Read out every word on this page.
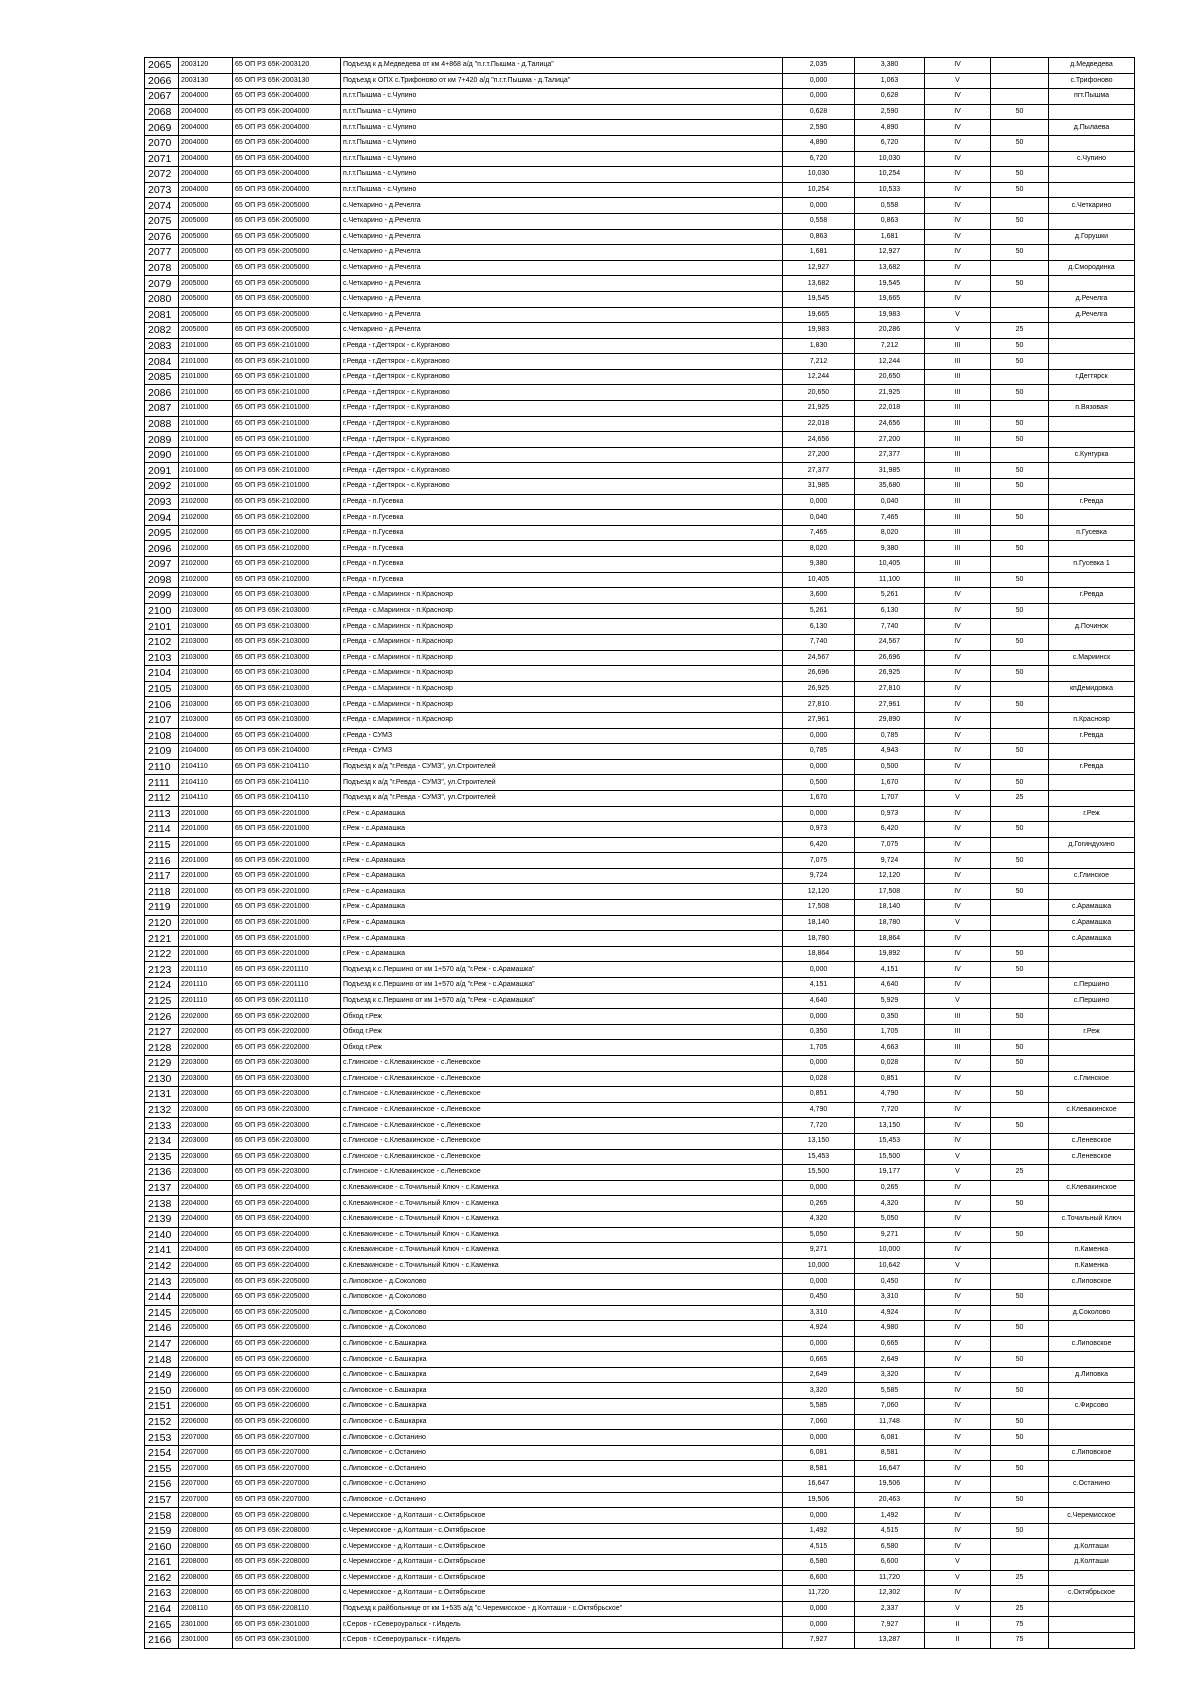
2065	2003120	65 ОП РЗ 65К-2003120	Подъезд к д.Медведева от км 4+868 а/д "п.г.т.Пышма - д.Талица"	2,035	3,380	IV		д.Медведева
2066	2003130	65 ОП РЗ 65К-2003130	Подъезд к ОПХ с.Трифоново от км 7+420 а/д "п.г.т.Пышма - д.Талица"	0,000	1,063	V		с.Трифоново
2067	2004000	65 ОП РЗ 65К-2004000	п.г.т.Пышма - с.Чупино	0,000	0,628	IV		пгт.Пышма
2068	2004000	65 ОП РЗ 65К-2004000	п.г.т.Пышма - с.Чупино	0,628	2,590	IV	50	
2069	2004000	65 ОП РЗ 65К-2004000	п.г.т.Пышма - с.Чупино	2,590	4,890	IV		д.Пылаева
2070	2004000	65 ОП РЗ 65К-2004000	п.г.т.Пышма - с.Чупино	4,890	6,720	IV	50	
2071	2004000	65 ОП РЗ 65К-2004000	п.г.т.Пышма - с.Чупино	6,720	10,030	IV		с.Чупино
2072	2004000	65 ОП РЗ 65К-2004000	п.г.т.Пышма - с.Чупино	10,030	10,254	IV	50	
2073	2004000	65 ОП РЗ 65К-2004000	п.г.т.Пышма - с.Чупино	10,254	10,533	IV	50	
2074	2005000	65 ОП РЗ 65К-2005000	с.Четкарино - д.Речелга	0,000	0,558	IV		с.Четкарино
2075	2005000	65 ОП РЗ 65К-2005000	с.Четкарино - д.Речелга	0,558	0,863	IV	50	
2076	2005000	65 ОП РЗ 65К-2005000	с.Четкарино - д.Речелга	0,863	1,681	IV		д.Горушки
2077	2005000	65 ОП РЗ 65К-2005000	с.Четкарино - д.Речелга	1,681	12,927	IV	50	
2078	2005000	65 ОП РЗ 65К-2005000	с.Четкарино - д.Речелга	12,927	13,682	IV		д.Смородинка
2079	2005000	65 ОП РЗ 65К-2005000	с.Четкарино - д.Речелга	13,682	19,545	IV	50	
2080	2005000	65 ОП РЗ 65К-2005000	с.Четкарино - д.Речелга	19,545	19,665	IV		д.Речелга
2081	2005000	65 ОП РЗ 65К-2005000	с.Четкарино - д.Речелга	19,665	19,983	V		д.Речелга
2082	2005000	65 ОП РЗ 65К-2005000	с.Четкарино - д.Речелга	19,983	20,286	V	25	
2083	2101000	65 ОП РЗ 65К-2101000	г.Ревда - г.Дегтярск - с.Курганово	1,830	7,212	III	50	
2084	2101000	65 ОП РЗ 65К-2101000	г.Ревда - г.Дегтярск - с.Курганово	7,212	12,244	III	50	
2085	2101000	65 ОП РЗ 65К-2101000	г.Ревда - г.Дегтярск - с.Курганово	12,244	20,650	III		г.Дегтярск
2086	2101000	65 ОП РЗ 65К-2101000	г.Ревда - г.Дегтярск - с.Курганово	20,650	21,925	III	50	
2087	2101000	65 ОП РЗ 65К-2101000	г.Ревда - г.Дегтярск - с.Курганово	21,925	22,018	III		п.Вязовая
2088	2101000	65 ОП РЗ 65К-2101000	г.Ревда - г.Дегтярск - с.Курганово	22,018	24,656	III	50	
2089	2101000	65 ОП РЗ 65К-2101000	г.Ревда - г.Дегтярск - с.Курганово	24,656	27,200	III	50	
2090	2101000	65 ОП РЗ 65К-2101000	г.Ревда - г.Дегтярск - с.Курганово	27,200	27,377	III		с.Кунгурка
2091	2101000	65 ОП РЗ 65К-2101000	г.Ревда - г.Дегтярск - с.Курганово	27,377	31,985	III	50	
2092	2101000	65 ОП РЗ 65К-2101000	г.Ревда - г.Дегтярск - с.Курганово	31,985	35,680	III	50	
2093	2102000	65 ОП РЗ 65К-2102000	г.Ревда - п.Гусевка	0,000	0,040	III		г.Ревда
2094	2102000	65 ОП РЗ 65К-2102000	г.Ревда - п.Гусевка	0,040	7,465	III	50	
2095	2102000	65 ОП РЗ 65К-2102000	г.Ревда - п.Гусевка	7,465	8,020	III		п.Гусевка
2096	2102000	65 ОП РЗ 65К-2102000	г.Ревда - п.Гусевка	8,020	9,380	III	50	
2097	2102000	65 ОП РЗ 65К-2102000	г.Ревда - п.Гусевка	9,380	10,405	III		п.Гусевка 1
2098	2102000	65 ОП РЗ 65К-2102000	г.Ревда - п.Гусевка	10,405	11,100	III	50	
2099	2103000	65 ОП РЗ 65К-2103000	г.Ревда - с.Мариинск - п.Краснояр	3,600	5,261	IV		г.Ревда
2100	2103000	65 ОП РЗ 65К-2103000	г.Ревда - с.Мариинск - п.Краснояр	5,261	6,130	IV	50	
2101	2103000	65 ОП РЗ 65К-2103000	г.Ревда - с.Мариинск - п.Краснояр	6,130	7,740	IV		д.Починок
2102	2103000	65 ОП РЗ 65К-2103000	г.Ревда - с.Мариинск - п.Краснояр	7,740	24,567	IV	50	
2103	2103000	65 ОП РЗ 65К-2103000	г.Ревда - с.Мариинск - п.Краснояр	24,567	26,696	IV		с.Мариинск
2104	2103000	65 ОП РЗ 65К-2103000	г.Ревда - с.Мариинск - п.Краснояр	26,696	26,925	IV	50	
2105	2103000	65 ОП РЗ 65К-2103000	г.Ревда - с.Мариинск - п.Краснояр	26,925	27,810	IV		кпДемидовка
2106	2103000	65 ОП РЗ 65К-2103000	г.Ревда - с.Мариинск - п.Краснояр	27,810	27,961	IV	50	
2107	2103000	65 ОП РЗ 65К-2103000	г.Ревда - с.Мариинск - п.Краснояр	27,961	29,890	IV		п.Краснояр
2108	2104000	65 ОП РЗ 65К-2104000	г.Ревда - СУМЗ	0,000	0,785	IV		г.Ревда
2109	2104000	65 ОП РЗ 65К-2104000	г.Ревда - СУМЗ	0,785	4,943	IV	50	
2110	2104110	65 ОП РЗ 65К-2104110	Подъезд к а/д "г.Ревда - СУМЗ", ул.Строителей	0,000	0,500	IV		г.Ревда
2111	2104110	65 ОП РЗ 65К-2104110	Подъезд к а/д "г.Ревда - СУМЗ", ул.Строителей	0,500	1,670	IV	50	
2112	2104110	65 ОП РЗ 65К-2104110	Подъезд к а/д "г.Ревда - СУМЗ", ул.Строителей	1,670	1,707	V	25	
2113	2201000	65 ОП РЗ 65К-2201000	г.Реж - с.Арамашка	0,000	0,973	IV		г.Реж
2114	2201000	65 ОП РЗ 65К-2201000	г.Реж - с.Арамашка	0,973	6,420	IV	50	
2115	2201000	65 ОП РЗ 65К-2201000	г.Реж - с.Арамашка	6,420	7,075	IV		д.Гогиндухино
2116	2201000	65 ОП РЗ 65К-2201000	г.Реж - с.Арамашка	7,075	9,724	IV	50	
2117	2201000	65 ОП РЗ 65К-2201000	г.Реж - с.Арамашка	9,724	12,120	IV		с.Глинское
2118	2201000	65 ОП РЗ 65К-2201000	г.Реж - с.Арамашка	12,120	17,508	IV	50	
2119	2201000	65 ОП РЗ 65К-2201000	г.Реж - с.Арамашка	17,508	18,140	IV		с.Арамашка
2120	2201000	65 ОП РЗ 65К-2201000	г.Реж - с.Арамашка	18,140	18,780	V		с.Арамашка
2121	2201000	65 ОП РЗ 65К-2201000	г.Реж - с.Арамашка	18,780	18,864	IV		с.Арамашка
2122	2201000	65 ОП РЗ 65К-2201000	г.Реж - с.Арамашка	18,864	19,892	IV	50	
2123	2201110	65 ОП РЗ 65К-2201110	Подъезд к с.Першино от км 1+570 а/д "г.Реж - с.Арамашка"	0,000	4,151	IV	50	
2124	2201110	65 ОП РЗ 65К-2201110	Подъезд к с.Першино от км 1+570 а/д "г.Реж - с.Арамашка"	4,151	4,640	IV		с.Першино
2125	2201110	65 ОП РЗ 65К-2201110	Подъезд к с.Першино от км 1+570 а/д "г.Реж - с.Арамашка"	4,640	5,929	V		с.Першино
2126	2202000	65 ОП РЗ 65К-2202000	Обход г.Реж	0,000	0,350	III	50	
2127	2202000	65 ОП РЗ 65К-2202000	Обход г.Реж	0,350	1,705	III		г.Реж
2128	2202000	65 ОП РЗ 65К-2202000	Обход г.Реж	1,705	4,663	III	50	
2129	2203000	65 ОП РЗ 65К-2203000	с.Глинское - с.Клевакинское - с.Леневское	0,000	0,028	IV	50	
2130	2203000	65 ОП РЗ 65К-2203000	с.Глинское - с.Клевакинское - с.Леневское	0,028	0,851	IV		с.Глинское
2131	2203000	65 ОП РЗ 65К-2203000	с.Глинское - с.Клевакинское - с.Леневское	0,851	4,790	IV	50	
2132	2203000	65 ОП РЗ 65К-2203000	с.Глинское - с.Клевакинское - с.Леневское	4,790	7,720	IV		с.Клевакинское
2133	2203000	65 ОП РЗ 65К-2203000	с.Глинское - с.Клевакинское - с.Леневское	7,720	13,150	IV	50	
2134	2203000	65 ОП РЗ 65К-2203000	с.Глинское - с.Клевакинское - с.Леневское	13,150	15,453	IV		с.Леневское
2135	2203000	65 ОП РЗ 65К-2203000	с.Глинское - с.Клевакинское - с.Леневское	15,453	15,500	V		с.Леневское
2136	2203000	65 ОП РЗ 65К-2203000	с.Глинское - с.Клевакинское - с.Леневское	15,500	19,177	V	25	
2137	2204000	65 ОП РЗ 65К-2204000	с.Клевакинское - с.Точильный Ключ - с.Каменка	0,000	0,265	IV		с.Клевакинское
2138	2204000	65 ОП РЗ 65К-2204000	с.Клевакинское - с.Точильный Ключ - с.Каменка	0,265	4,320	IV	50	
2139	2204000	65 ОП РЗ 65К-2204000	с.Клевакинское - с.Точильный Ключ - с.Каменка	4,320	5,050	IV		с.Точильный Ключ
2140	2204000	65 ОП РЗ 65К-2204000	с.Клевакинское - с.Точильный Ключ - с.Каменка	5,050	9,271	IV	50	
2141	2204000	65 ОП РЗ 65К-2204000	с.Клевакинское - с.Точильный Ключ - с.Каменка	9,271	10,000	IV		п.Каменка
2142	2204000	65 ОП РЗ 65К-2204000	с.Клевакинское - с.Точильный Ключ - с.Каменка	10,000	10,642	V		п.Каменка
2143	2205000	65 ОП РЗ 65К-2205000	с.Липовское - д.Соколово	0,000	0,450	IV		с.Липовское
2144	2205000	65 ОП РЗ 65К-2205000	с.Липовское - д.Соколово	0,450	3,310	IV	50	
2145	2205000	65 ОП РЗ 65К-2205000	с.Липовское - д.Соколово	3,310	4,924	IV		д.Соколово
2146	2205000	65 ОП РЗ 65К-2205000	с.Липовское - д.Соколово	4,924	4,980	IV	50	
2147	2206000	65 ОП РЗ 65К-2206000	с.Липовское - с.Башкарка	0,000	0,665	IV		с.Липовское
2148	2206000	65 ОП РЗ 65К-2206000	с.Липовское - с.Башкарка	0,665	2,649	IV	50	
2149	2206000	65 ОП РЗ 65К-2206000	с.Липовское - с.Башкарка	2,649	3,320	IV		д.Липовка
2150	2206000	65 ОП РЗ 65К-2206000	с.Липовское - с.Башкарка	3,320	5,585	IV	50	
2151	2206000	65 ОП РЗ 65К-2206000	с.Липовское - с.Башкарка	5,585	7,060	IV		с.Фирсово
2152	2206000	65 ОП РЗ 65К-2206000	с.Липовское - с.Башкарка	7,060	11,748	IV	50	
2153	2207000	65 ОП РЗ 65К-2207000	с.Липовское - с.Останино	0,000	6,081	IV	50	
2154	2207000	65 ОП РЗ 65К-2207000	с.Липовское - с.Останино	6,081	8,581	IV		с.Липовское
2155	2207000	65 ОП РЗ 65К-2207000	с.Липовское - с.Останино	8,581	16,647	IV	50	
2156	2207000	65 ОП РЗ 65К-2207000	с.Липовское - с.Останино	16,647	19,506	IV		с.Останино
2157	2207000	65 ОП РЗ 65К-2207000	с.Липовское - с.Останино	19,506	20,463	IV	50	
2158	2208000	65 ОП РЗ 65К-2208000	с.Черемисское - д.Колташи - с.Октябрьское	0,000	1,492	IV		с.Черемисское
2159	2208000	65 ОП РЗ 65К-2208000	с.Черемисское - д.Колташи - с.Октябрьское	1,492	4,515	IV	50	
2160	2208000	65 ОП РЗ 65К-2208000	с.Черемисское - д.Колташи - с.Октябрьское	4,515	6,580	IV		д.Колташи
2161	2208000	65 ОП РЗ 65К-2208000	с.Черемисское - д.Колташи - с.Октябрьское	6,580	6,600	V		д.Колташи
2162	2208000	65 ОП РЗ 65К-2208000	с.Черемисское - д.Колташи - с.Октябрьское	6,600	11,720	V	25	
2163	2208000	65 ОП РЗ 65К-2208000	с.Черемисское - д.Колташи - с.Октябрьское	11,720	12,302	IV		с.Октябрьское
2164	2208110	65 ОП РЗ 65К-2208110	Подъезд к райбольнице от км 1+535 а/д "с.Черемисское - д.Колташи - с.Октябрьское"	0,000	2,337	V	25	
2165	2301000	65 ОП РЗ 65К-2301000	г.Серов - г.Североуральск - г.Ивдель	0,000	7,927	II	75	
2166	2301000	65 ОП РЗ 65К-2301000	г.Серов - г.Североуральск - г.Ивдель	7,927	13,287	II	75	
